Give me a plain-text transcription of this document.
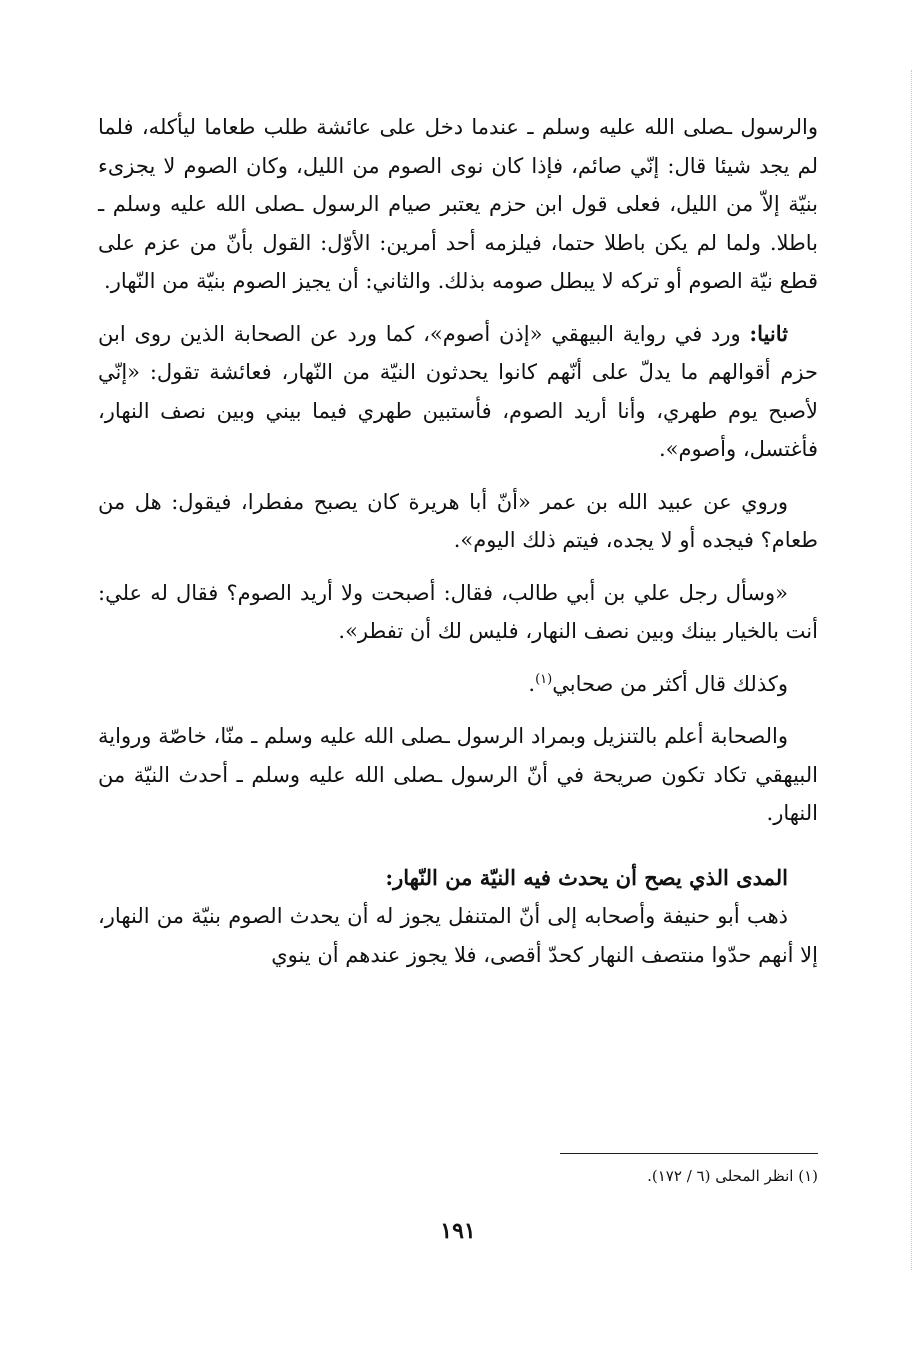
والرسول ـصلى الله عليه وسلم ـ عندما دخل على عائشة طلب طعاما ليأكله، فلما لم يجد شيئا قال: إنّي صائم، فإذا كان نوى الصوم من الليل، وكان الصوم لا يجزىء بنيّة إلاّ من الليل، فعلى قول ابن حزم يعتبر صيام الرسول ـصلى الله عليه وسلم ـ باطلا. ولما لم يكن باطلا حتما، فيلزمه أحد أمرين: الأوّل: القول بأنّ من عزم على قطع نيّة الصوم أو تركه لا يبطل صومه بذلك. والثاني: أن يجيز الصوم بنيّة من النّهار.

ثانيا: ورد في رواية البيهقي «إذن أصوم»، كما ورد عن الصحابة الذين روى ابن حزم أقوالهم ما يدلّ على أنّهم كانوا يحدثون النيّة من النّهار، فعائشة تقول: «إنّي لأصبح يوم طهري، وأنا أريد الصوم، فأستبين طهري فيما بيني وبين نصف النهار، فأغتسل، وأصوم».

وروي عن عبيد الله بن عمر «أنّ أبا هريرة كان يصبح مفطرا، فيقول: هل من طعام؟ فيجده أو لا يجده، فيتم ذلك اليوم».

«وسأل رجل علي بن أبي طالب، فقال: أصبحت ولا أريد الصوم؟ فقال له علي: أنت بالخيار بينك وبين نصف النهار، فليس لك أن تفطر».

وكذلك قال أكثر من صحابي$^{(١)}$.

والصحابة أعلم بالتنزيل وبمراد الرسول ـصلى الله عليه وسلم ـ منّا، خاصّة ورواية البيهقي تكاد تكون صريحة في أنّ الرسول ـصلى الله عليه وسلم ـ أحدث النيّة من النهار.

المدى الذي يصح أن يحدث فيه النيّة من النّهار:

ذهب أبو حنيفة وأصحابه إلى أنّ المتنفل يجوز له أن يحدث الصوم بنيّة من النهار، إلا أنهم حدّوا منتصف النهار كحدّ أقصى، فلا يجوز عندهم أن ينوي

(١) انظر المحلى (٦ / ١٧٢).

١٩١
